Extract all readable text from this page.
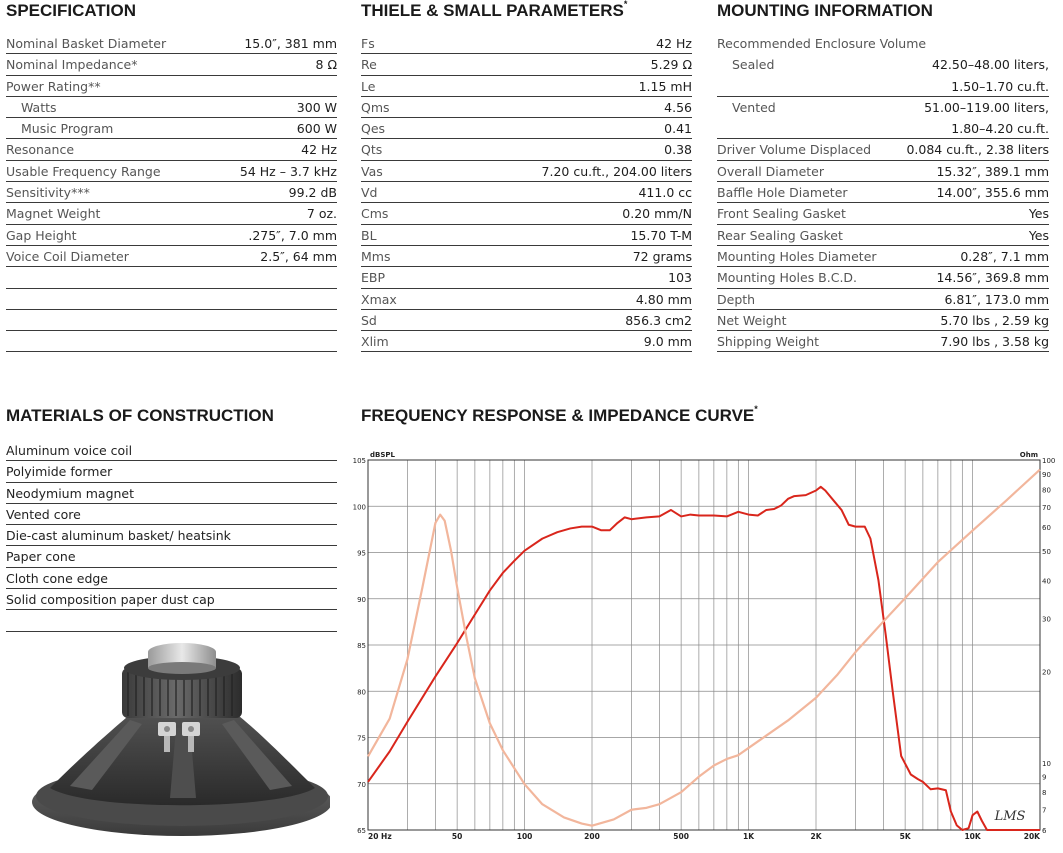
SPECIFICATION
Nominal Basket Diameter	15.0″, 381 mm
Nominal Impedance*	8 Ω
Power Rating**
Watts	300 W
Music Program	600 W
Resonance	42 Hz
Usable Frequency Range	54 Hz – 3.7 kHz
Sensitivity***	99.2 dB
Magnet Weight	7 oz.
Gap Height	.275″, 7.0 mm
Voice Coil Diameter	2.5″, 64 mm
THIELE & SMALL PARAMETERS*
Fs	42 Hz
Re	5.29 Ω
Le	1.15 mH
Qms	4.56
Qes	0.41
Qts	0.38
Vas	7.20 cu.ft., 204.00 liters
Vd	411.0 cc
Cms	0.20 mm/N
BL	15.70 T-M
Mms	72 grams
EBP	103
Xmax	4.80 mm
Sd	856.3 cm2
Xlim	9.0 mm
MOUNTING INFORMATION
Recommended Enclosure Volume
Sealed	42.50–48.00 liters,
1.50–1.70 cu.ft.
Vented	51.00–119.00 liters,
1.80–4.20 cu.ft.
Driver Volume Displaced	0.084 cu.ft., 2.38 liters
Overall Diameter	15.32″, 389.1 mm
Baffle Hole Diameter	14.00″, 355.6 mm
Front Sealing Gasket	Yes
Rear Sealing Gasket	Yes
Mounting Holes Diameter	0.28″, 7.1 mm
Mounting Holes B.C.D.	14.56″, 369.8 mm
Depth	6.81″, 173.0 mm
Net Weight	5.70 lbs , 2.59 kg
Shipping Weight	7.90 lbs , 3.58 kg
MATERIALS OF CONSTRUCTION
Aluminum voice coil
Polyimide former
Neodymium magnet
Vented core
Die-cast aluminum basket/ heatsink
Paper cone
Cloth cone edge
Solid composition paper dust cap
FREQUENCY RESPONSE & IMPEDANCE CURVE*
65
70
75
80
85
90
95
100
105
6
7
8
9
10
20
30
40
50
60
70
80
90
100
20 Hz	50	100	200	500	1K	2K	5K	10K	20K
dBSPL	Ohm
LMS
